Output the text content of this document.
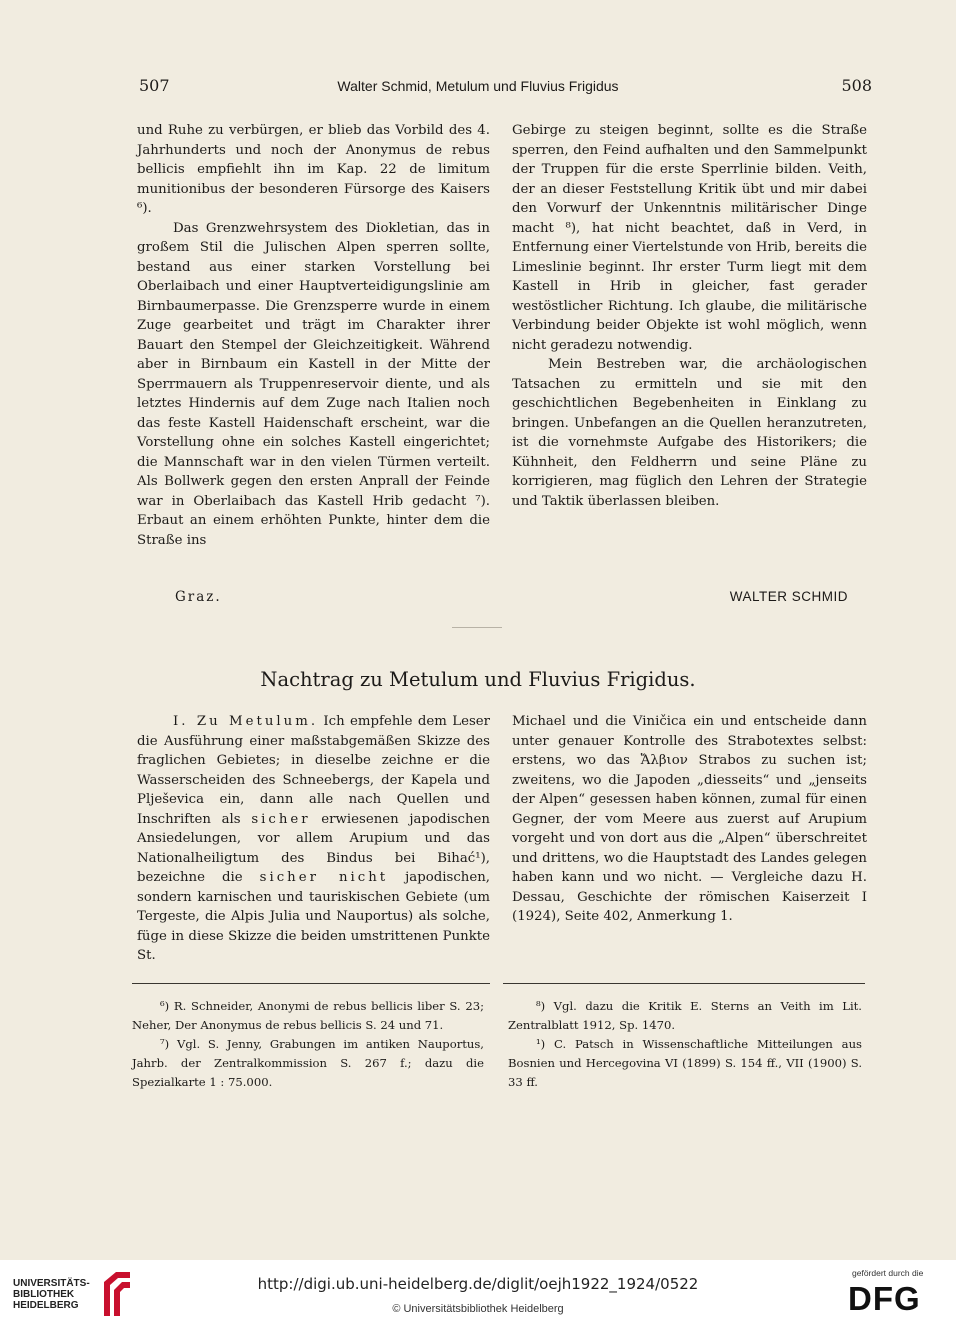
507	Walter Schmid, Metulum und Fluvius Frigidus	508

und Ruhe zu verbürgen, er blieb das Vorbild des 4. Jahrhunderts und noch der Anonymus de rebus bellicis empfiehlt ihn im Kap. 22 de limitum munitionibus der besonderen Fürsorge des Kaisers ⁶).

Das Grenzwehrsystem des Diokletian, das in großem Stil die Julischen Alpen sperren sollte, bestand aus einer starken Vorstellung bei Oberlaibach und einer Hauptverteidigungslinie am Birnbaumerpasse. Die Grenzsperre wurde in einem Zuge gearbeitet und trägt im Charakter ihrer Bauart den Stempel der Gleichzeitigkeit. Während aber in Birnbaum ein Kastell in der Mitte der Sperrmauern als Truppenreservoir diente, und als letztes Hindernis auf dem Zuge nach Italien noch das feste Kastell Haidenschaft erscheint, war die Vorstellung ohne ein solches Kastell eingerichtet; die Mannschaft war in den vielen Türmen verteilt. Als Bollwerk gegen den ersten Anprall der Feinde war in Oberlaibach das Kastell Hrib gedacht ⁷). Erbaut an einem erhöhten Punkte, hinter dem die Straße ins

Gebirge zu steigen beginnt, sollte es die Straße sperren, den Feind aufhalten und den Sammelpunkt der Truppen für die erste Sperrlinie bilden. Veith, der an dieser Feststellung Kritik übt und mir dabei den Vorwurf der Unkenntnis militärischer Dinge macht ⁸), hat nicht beachtet, daß in Verd, in Entfernung einer Viertelstunde von Hrib, bereits die Limeslinie beginnt. Ihr erster Turm liegt mit dem Kastell in Hrib in gleicher, fast gerader westöstlicher Richtung. Ich glaube, die militärische Verbindung beider Objekte ist wohl möglich, wenn nicht geradezu notwendig.

Mein Bestreben war, die archäologischen Tatsachen zu ermitteln und sie mit den geschichtlichen Begebenheiten in Einklang zu bringen. Unbefangen an die Quellen heranzutreten, ist die vornehmste Aufgabe des Historikers; die Kühnheit, den Feldherrn und seine Pläne zu korrigieren, mag füglich den Lehren der Strategie und Taktik überlassen bleiben.

Graz.	WALTER SCHMID
Nachtrag zu Metulum und Fluvius Frigidus.

I. Zu Metulum. Ich empfehle dem Leser die Ausführung einer maßstabgemäßen Skizze des fraglichen Gebietes; in dieselbe zeichne er die Wasserscheiden des Schneebergs, der Kapela und Plješevica ein, dann alle nach Quellen und Inschriften als sicher erwiesenen japodischen Ansiedelungen, vor allem Arupium und das Nationalheiligtum des Bindus bei Bihać¹), bezeichne die sicher nicht japodischen, sondern karnischen und tauriskischen Gebiete (um Tergeste, die Alpis Julia und Nauportus) als solche, füge in diese Skizze die beiden umstrittenen Punkte St.

Michael und die Viničica ein und entscheide dann unter genauer Kontrolle des Strabotextes selbst: erstens, wo das Ἄλβιον Strabos zu suchen ist; zweitens, wo die Japoden „diesseits“ und „jenseits der Alpen“ gesessen haben können, zumal für einen Gegner, der vom Meere aus zuerst auf Arupium vorgeht und von dort aus die „Alpen“ überschreitet und drittens, wo die Hauptstadt des Landes gelegen haben kann und wo nicht. — Vergleiche dazu H. Dessau, Geschichte der römischen Kaiserzeit I (1924), Seite 402, Anmerkung 1.

⁶) R. Schneider, Anonymi de rebus bellicis liber S. 23; Neher, Der Anonymus de rebus bellicis S. 24 und 71.

⁷) Vgl. S. Jenny, Grabungen im antiken Nauportus, Jahrb. der Zentralkommission S. 267 f.; dazu die Spezialkarte 1 : 75.000.

⁸) Vgl. dazu die Kritik E. Sterns an Veith im Lit. Zentralblatt 1912, Sp. 1470.

¹) C. Patsch in Wissenschaftliche Mitteilungen aus Bosnien und Hercegovina VI (1899) S. 154 ff., VII (1900) S. 33 ff.

UNIVERSITÄTS-
BIBLIOTHEK
HEIDELBERG
http://digi.ub.uni-heidelberg.de/diglit/oejh1922_1924/0522
© Universitätsbibliothek Heidelberg
gefördert durch die
DFG
